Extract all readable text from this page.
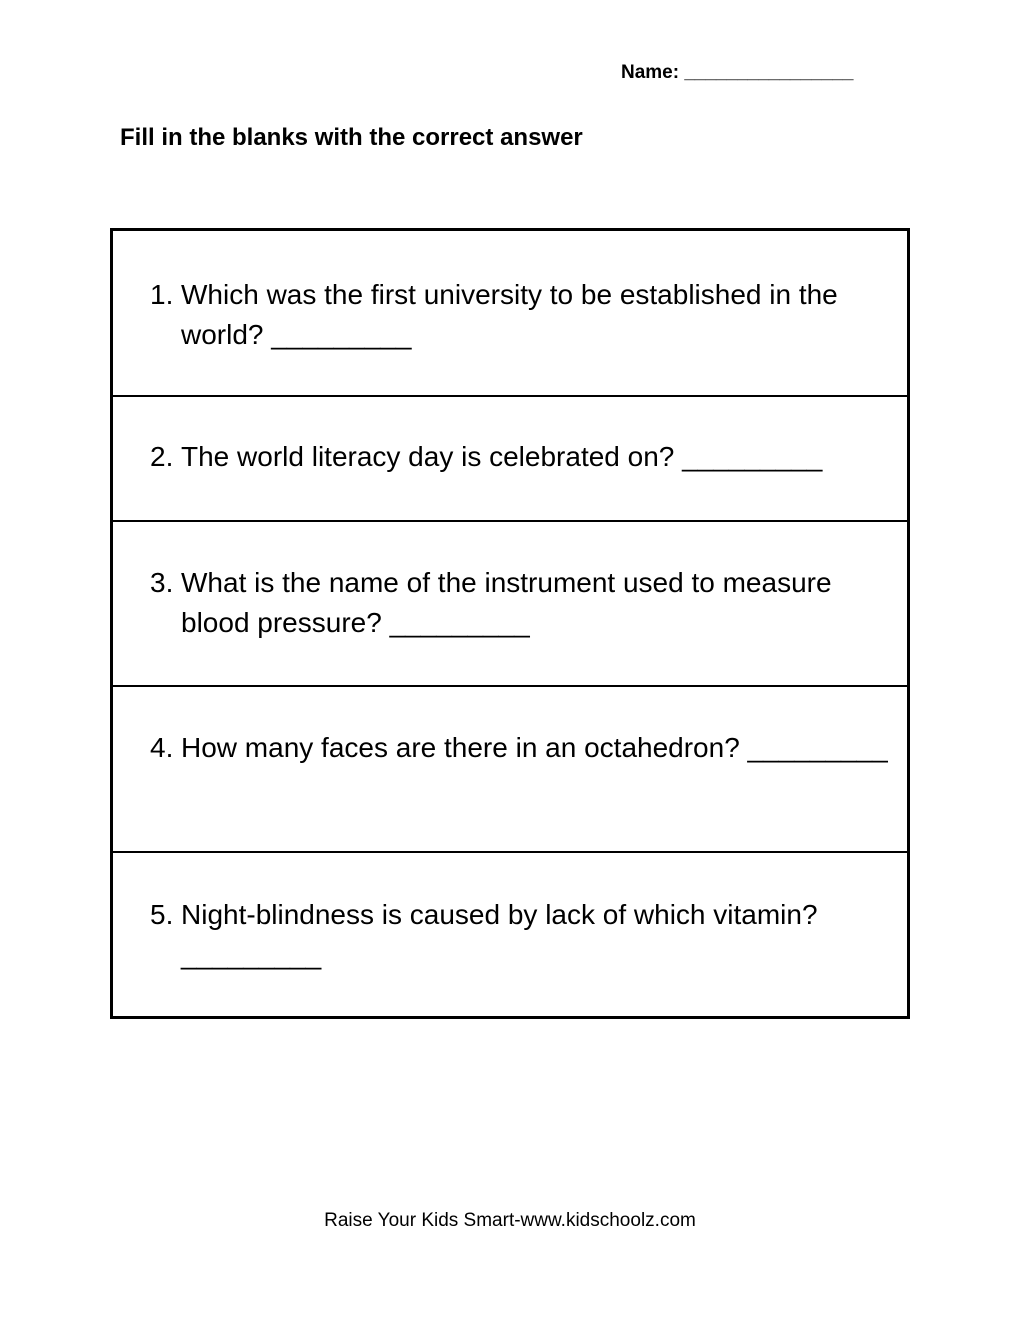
Name: ________________
Fill in the blanks with the correct answer
1. Which was the first university to be established in the world? _________
2. The world literacy day is celebrated on? _________
3. What is the name of the instrument used to measure blood pressure? _________
4. How many faces are there in an octahedron? _________
5. Night-blindness is caused by lack of which vitamin? _________
Raise Your Kids Smart-www.kidschoolz.com
